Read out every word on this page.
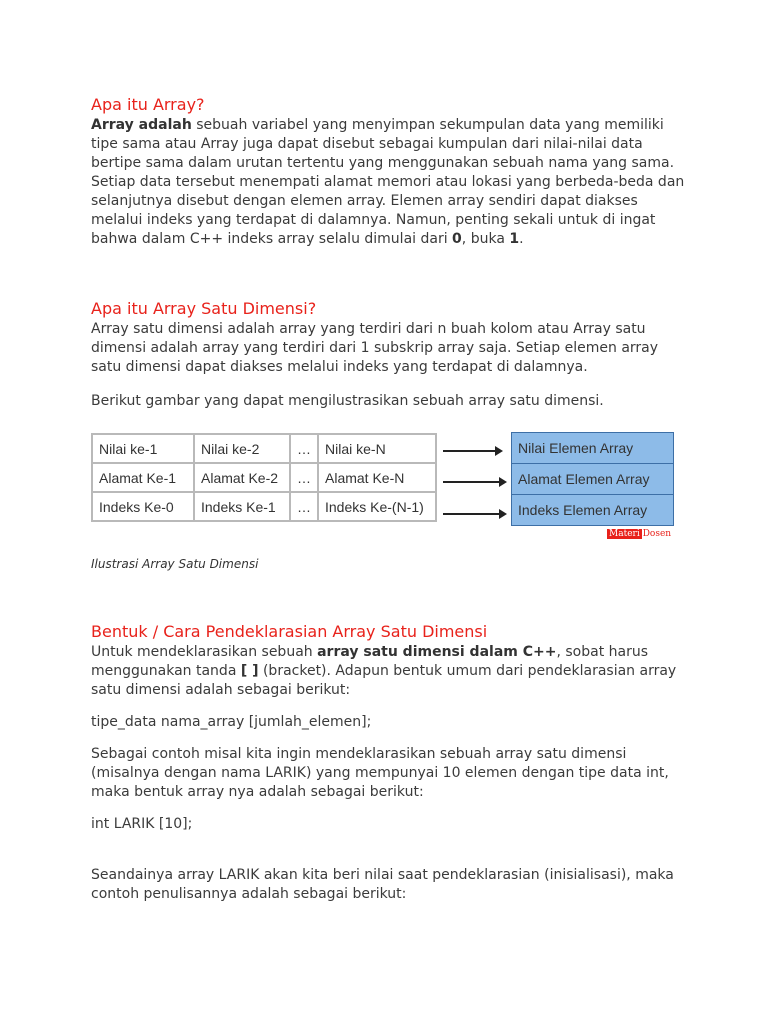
Apa itu Array?

Array adalah sebuah variabel yang menyimpan sekumpulan data yang memiliki tipe sama atau Array juga dapat disebut sebagai kumpulan dari nilai-nilai data bertipe sama dalam urutan tertentu yang menggunakan sebuah nama yang sama. Setiap data tersebut menempati alamat memori atau lokasi yang berbeda-beda dan selanjutnya disebut dengan elemen array. Elemen array sendiri dapat diakses melalui indeks yang terdapat di dalamnya. Namun, penting sekali untuk di ingat bahwa dalam C++ indeks array selalu dimulai dari 0, buka 1.

Apa itu Array Satu Dimensi?

Array satu dimensi adalah array yang terdiri dari n buah kolom atau Array satu dimensi adalah array yang terdiri dari 1 subskrip array saja. Setiap elemen array satu dimensi dapat diakses melalui indeks yang terdapat di dalamnya.

Berikut gambar yang dapat mengilustrasikan sebuah array satu dimensi.

Nilai ke-1	Nilai ke-2	…	Nilai ke-N
Alamat Ke-1	Alamat Ke-2	…	Alamat Ke-N
Indeks Ke-0	Indeks Ke-1	…	Indeks Ke-(N-1)
Nilai Elemen Array
Alamat Elemen Array
Indeks Elemen Array
Materi Dosen
Ilustrasi Array Satu Dimensi
Bentuk / Cara Pendeklarasian Array Satu Dimensi

Untuk mendeklarasikan sebuah array satu dimensi dalam C++, sobat harus menggunakan tanda [ ] (bracket). Adapun bentuk umum dari pendeklarasian array satu dimensi adalah sebagai berikut:

tipe_data nama_array [jumlah_elemen];

Sebagai contoh misal kita ingin mendeklarasikan sebuah array satu dimensi (misalnya dengan nama LARIK) yang mempunyai 10 elemen dengan tipe data int, maka bentuk array nya adalah sebagai berikut:

int LARIK [10];

Seandainya array LARIK akan kita beri nilai saat pendeklarasian (inisialisasi), maka contoh penulisannya adalah sebagai berikut:
